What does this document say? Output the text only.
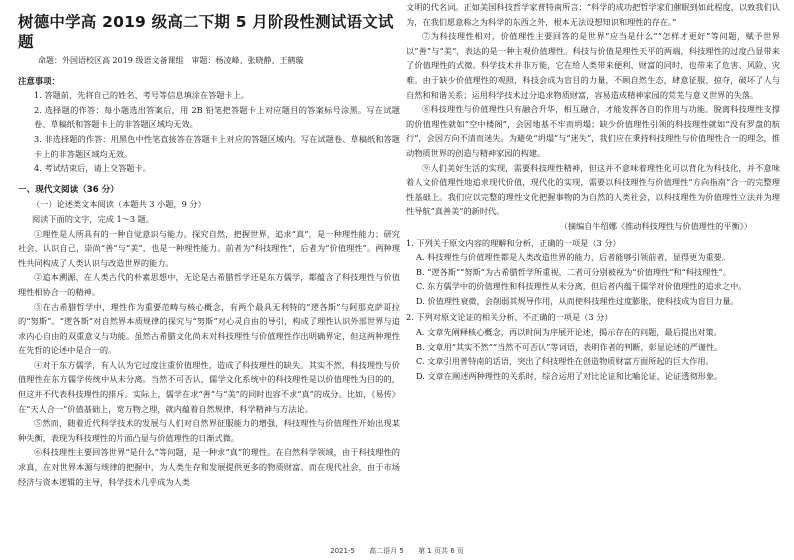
树德中学高 2019 级高二下期 5 月阶段性测试语文试题

命题：外国语校区高 2019 级语文备课组　审题：杨凌峰、张晓静、王鹤璇

注意事项：

1. 答题前，先将自己的姓名、考号等信息填涂在答题卡上。

2. 选择题的作答：每小题选出答案后，用 2B 铅笔把答题卡上对应题目的答案标号涂黑。写在试题卷、草稿纸和答题卡上的非答题区域均无效。

3. 非选择题的作答：用黑色中性笔直接答在答题卡上对应的答题区域内。写在试题卷、草稿纸和答题卡上的非答题区域均无效。

4. 考试结束后，请上交答题卡。

一、现代文阅读（36 分）

（一）论述类文本阅读（本题共 3 小题，9 分）

阅读下面的文字，完成 1～3 题。

①理性是人所具有的一种自觉意识与能力。探究自然，把握世界，追求“真”，是一种理性能力；研究社会，认识自己，崇尚“善”与“美”，也是一种理性能力。前者为“科技理性”，后者为“价值理性”。两种理性共同构成了人类认识与改造世界的能力。

②追本溯源，在人类古代的朴素思想中，无论是古希腊哲学还是东方儒学，都蕴含了科技理性与价值理性相协合一的精神。

③在古希腊哲学中，理性作为重要范畴与核心概念，有两个最具无利特的“逻各斯”与阿那克萨哥拉的“努斯”。“逻各斯”对自然界本质规律的探究与“努斯”对心灵自由的导引，构成了理性认识外部世界与追求内心自由的双重意义与功能。虽然古希腊文化尚未对科技理性与价值理性作出明确界定，但这两种理性在先哲的论述中是合一的。

④对于东方儒学，有人认为它过度注重价值理性，造成了科技理性的缺失。其实不然，科技理性与价值理性在东方儒学传统中从未分离。当然不可否认，儒学文化系统中的科技理性是以价值理性为目的的，但这并不代表科技理性的排斥。实际上，儒学在求“善”与“美”的同时也容不求“真”的成分。比如，《易传》在“天人合一”价值基础上，宽万物之理，就内蕴着自然规律，科学精神与方法论。

⑤然而，随着近代科学技术的发展与人们对自然界征服能力的增强，科技理性与价值理性开始出现某种失衡，表现为科技理性的片面凸显与价值理性的日渐式微。

⑥科技理性主要回答世界“是什么”等问题，是一种求“真”的理性。在自然科学领域，由于科技理性的求真，在对世界本源与规律的把握中，为人类生存和发展提供更多的物质财富。而在现代社会，由于市场经济与资本逻辑的主导，科学技术几乎成为人类

文明的代名词。正如美国科技哲学家普特南所言：“科学的成功把哲学家们催眠到如此程度，以致我们认为，在我们愿意称之为科学的东西之外，根本无法设想知识和理性的存在。”

⑦为科技理性相对，价值理性主要回答的是世界“应当是什么”“怎样才更好”等问题，赋予世界以“善”与“美”，表达的是一种主观价值理性。科技与价值是理性天平的两端，科技理性的过度凸显带来了价值理性的式微。科学技术并非万能，它在给人类带来便利、财富的同时，也带来了危害、风险、灾难。由于缺少价值理性的观照，科技会成为盲目的力量，不顾自然生态，肆意征服、掠夺，破坏了人与自然和和谐关系；运用科学技术过分追求物质财富，容易造成精神家园的荒芜与意义世界的失落。

⑧科技理性与价值理性只有融合升华，相互融合，才能发挥各自的作用与功能。脱离科技理性支撑的价值理性就如“空中楼阁”，会因地基不牢而坍塌；缺少价值理性引领的科技理性就如“没有罗盘的航行”，会因方向不清而迷失。为避免“坍塌”与“迷失”，我们应在秉持科技理性与价值理性合一的理念，推动物质世界的创造与精神家园的构建。

⑨人们美好生活的实现，需要科技理性精神，但这并不意味着理性化可以背化为科技化，并不意味着人文价值理性地追求现代价值，现代化的实现，需要以科技理性与价值理性“方向指南”合一的完整理性基础上。我们应以完整的理性文化把握事物的为自然的人类社会，以科技理性为价值理性立法并为理性导航“真善美”的新时代。

（摘编自牛绍娜《推动科技理性与价值理性的平衡》）

1. 下列关于原文内容的理解和分析，正确的一项是（3 分）

A. 科技理性与价值理性都是人类改造世界的能力，后者能够引领前者，显得更为重要。

B. “逻各斯”“努斯”为古希腊哲学所重视，二者可分别被视为“价值理性”和“科技理性”。

C. 东方儒学中的价值理性和科技理性从未分离，但后者内蕴于儒学对价值理性的追求之中。

D. 价值理性衰微，会削弱其规导作用，从而使科技理性过度膨胀，使科技成为盲目力量。

2. 下列对原文论证的相关分析，不正确的一项是（3 分）

A. 文章先阐释核心概念，再以时间为序展开论述，揭示存在的问题，最后提出对策。

B. 文章用“其实不然”“当然不可否认”等词语，表明作者的判断，彰显论述的严谨性。

C. 文章引用普特南的话语，突出了科技理性在创造物质财富方面所起的巨大作用。

D. 文章在阐述两种理性的关系时，综合运用了对比论证和比喻论证，论证透彻形象。

2021-5 高二语月 5 第 1 页共 6 页
